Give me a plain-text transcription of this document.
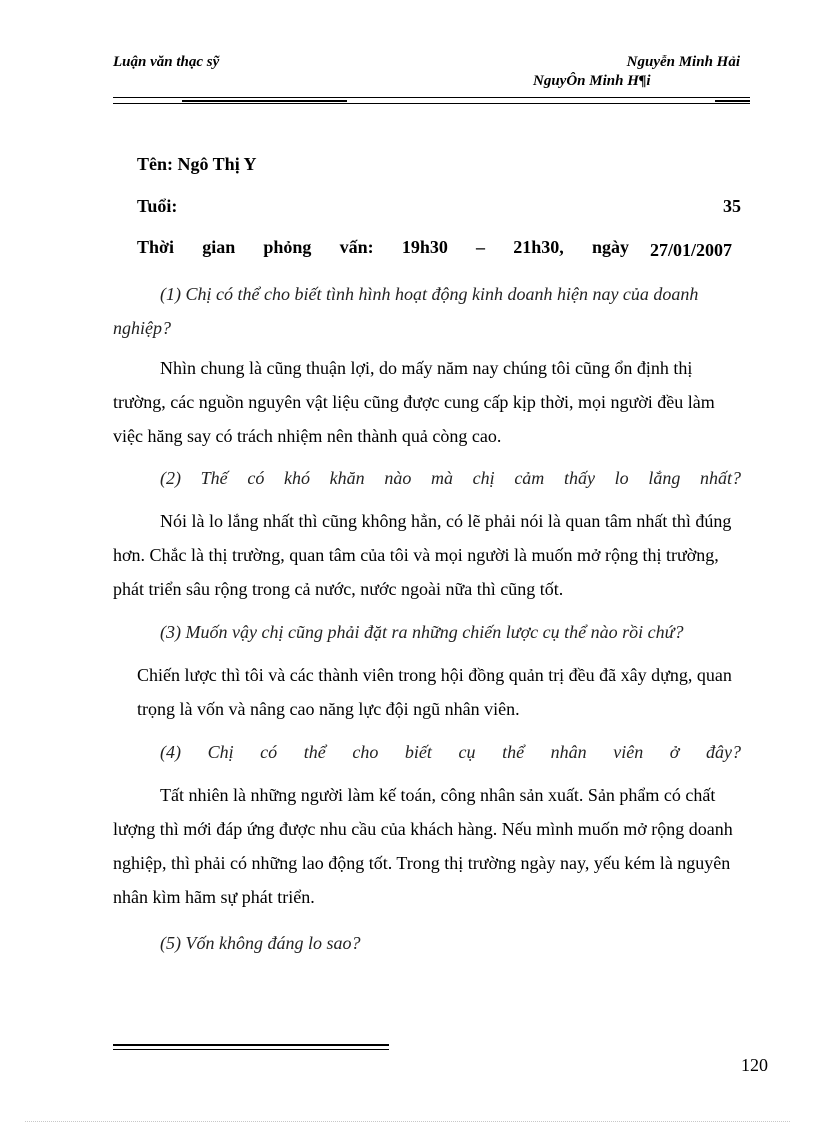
Luận văn thạc sỹ	Nguyễn Minh Hải
NguyÔn Minh H¶i
Tên: Ngô Thị Y
Tuổi:	35
Thời gian phỏng vấn: 19h30 – 21h30, ngày 27/01/2007

(1) Chị có thể cho biết tình hình hoạt động kinh doanh hiện nay của doanh nghiệp?

Nhìn chung là cũng thuận lợi, do mấy năm nay chúng tôi cũng ổn định thị trường, các nguồn nguyên vật liệu cũng được cung cấp kịp thời, mọi người đều làm việc hăng say có trách nhiệm nên thành quả còng cao.

(2) Thế có khó khăn nào mà chị cảm thấy lo lắng nhất?

Nói là lo lắng nhất thì cũng không hẳn, có lẽ phải nói là quan tâm nhất thì đúng hơn. Chắc là thị trường, quan tâm của tôi và mọi người là muốn mở rộng thị trường, phát triển sâu rộng trong cả nước, nước ngoài nữa thì cũng tốt.

(3) Muốn vậy chị cũng phải đặt ra những chiến lược cụ thể nào rồi chứ?

Chiến lược thì tôi và các thành viên trong hội đồng quản trị đều đã xây dựng, quan trọng là vốn và nâng cao năng lực đội ngũ nhân viên.

(4) Chị có thể cho biết cụ thể nhân viên ở đây?

Tất nhiên là những người làm kế toán, công nhân sản xuất. Sản phẩm có chất lượng thì mới đáp ứng được nhu cầu của khách hàng. Nếu mình muốn mở rộng doanh nghiệp, thì phải có những lao động tốt. Trong thị trường ngày nay, yếu kém là nguyên nhân kìm hãm sự phát triển.

(5) Vốn không đáng lo sao?

120
